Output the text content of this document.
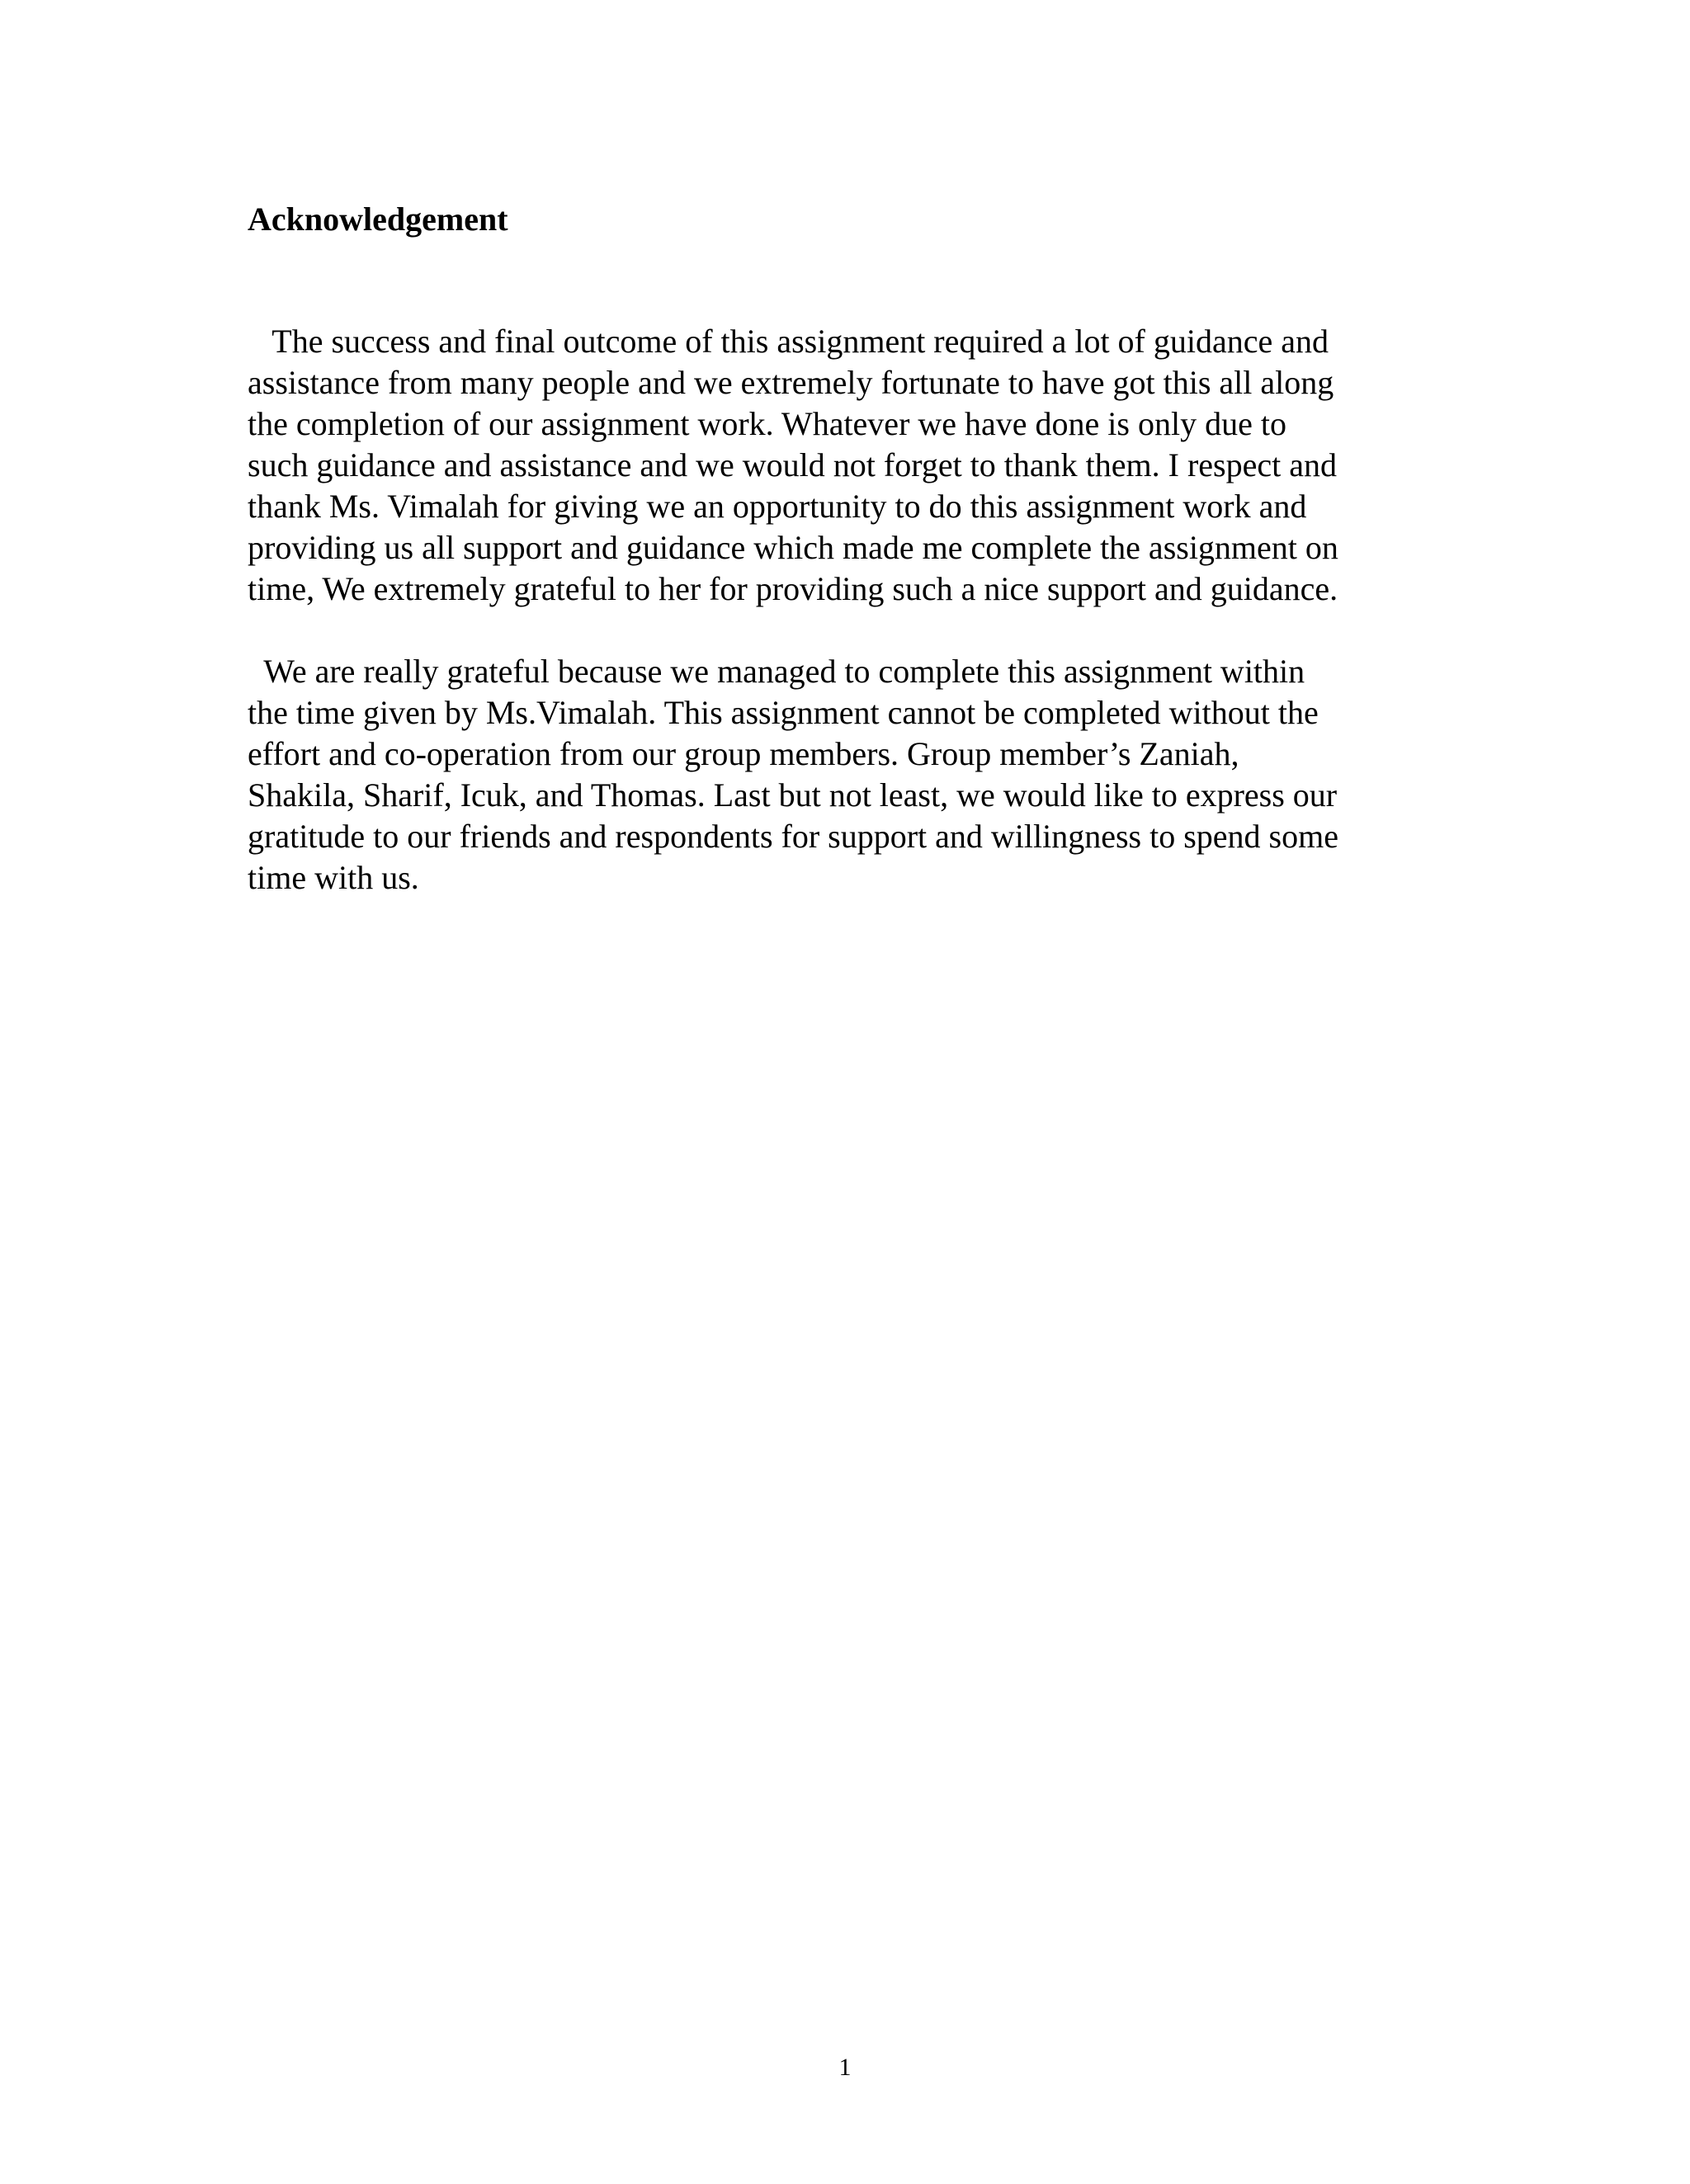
Acknowledgement

The success and final outcome of this assignment required a lot of guidance and
assistance from many people and we extremely fortunate to have got this all along
the completion of our assignment work. Whatever we have done is only due to
such guidance and assistance and we would not forget to thank them. I respect and
thank Ms. Vimalah for giving we an opportunity to do this assignment work and
providing us all support and guidance which made me complete the assignment on
time, We extremely grateful to her for providing such a nice support and guidance.

We are really grateful because we managed to complete this assignment within
the time given by Ms.Vimalah. This assignment cannot be completed without the
effort and co-operation from our group members. Group member’s Zaniah,
Shakila, Sharif, Icuk, and Thomas. Last but not least, we would like to express our
gratitude to our friends and respondents for support and willingness to spend some
time with us.

1
